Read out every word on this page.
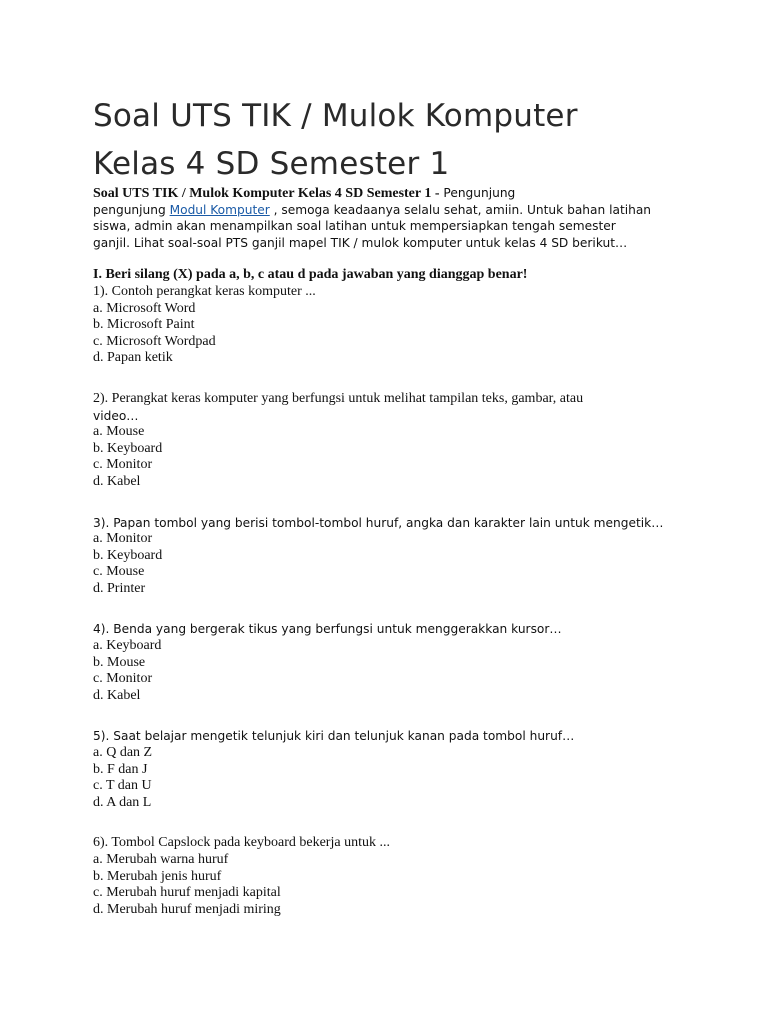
Soal UTS TIK / Mulok Komputer
Kelas 4 SD Semester 1
Soal UTS TIK / Mulok Komputer Kelas 4 SD Semester 1 - Pengunjung
pengunjung Modul Komputer , semoga keadaanya selalu sehat, amiin. Untuk bahan latihan
siswa, admin akan menampilkan soal latihan untuk mempersiapkan tengah semester
ganjil. Lihat soal-soal PTS ganjil mapel TIK / mulok komputer untuk kelas 4 SD berikut…
I. Beri silang (X) pada a, b, c atau d pada jawaban yang dianggap benar!
1). Contoh perangkat keras komputer ...
a. Microsoft Word
b. Microsoft Paint
c. Microsoft Wordpad
d. Papan ketik
2). Perangkat keras komputer yang berfungsi untuk melihat tampilan teks, gambar, atau
video…
a. Mouse
b. Keyboard
c. Monitor
d. Kabel
3). Papan tombol yang berisi tombol-tombol huruf, angka dan karakter lain untuk mengetik…
a. Monitor
b. Keyboard
c. Mouse
d. Printer
4). Benda yang bergerak tikus yang berfungsi untuk menggerakkan kursor…
a. Keyboard
b. Mouse
c. Monitor
d. Kabel
5). Saat belajar mengetik telunjuk kiri dan telunjuk kanan pada tombol huruf…
a. Q dan Z
b. F dan J
c. T dan U
d. A dan L
6). Tombol Capslock pada keyboard bekerja untuk ...
a. Merubah warna huruf
b. Merubah jenis huruf
c. Merubah huruf menjadi kapital
d. Merubah huruf menjadi miring
